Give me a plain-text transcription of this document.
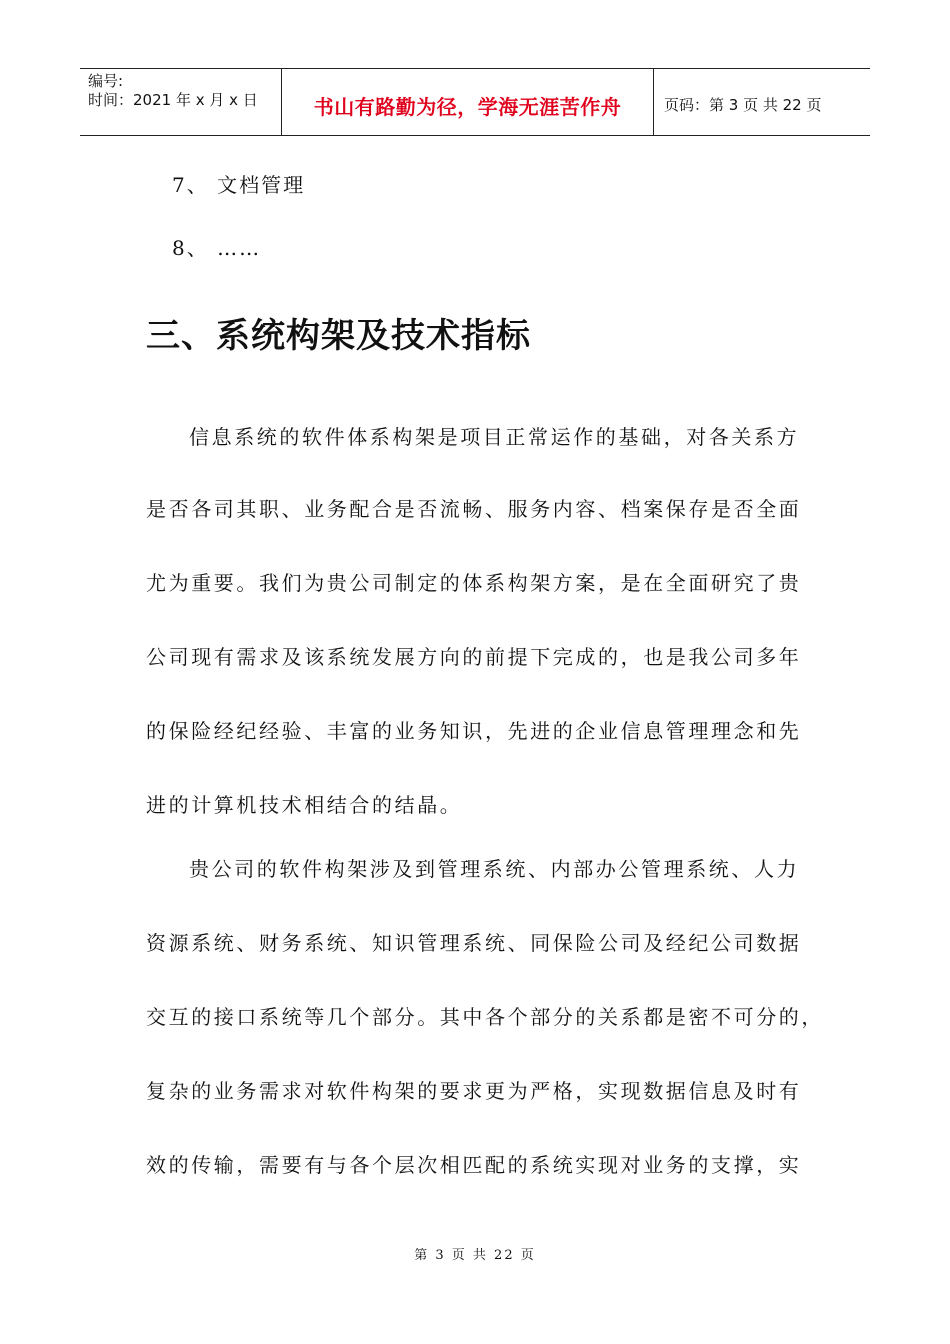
编号:
时间：2021 年 x 月 x 日	书山有路勤为径，学海无涯苦作舟	页码：第 3 页 共 22 页
7、 文档管理
8、 ……
三、系统构架及技术指标
信息系统的软件体系构架是项目正常运作的基础，对各关系方
是否各司其职、业务配合是否流畅、服务内容、档案保存是否全面
尤为重要。我们为贵公司制定的体系构架方案，是在全面研究了贵
公司现有需求及该系统发展方向的前提下完成的，也是我公司多年
的保险经纪经验、丰富的业务知识，先进的企业信息管理理念和先
进的计算机技术相结合的结晶。
贵公司的软件构架涉及到管理系统、内部办公管理系统、人力
资源系统、财务系统、知识管理系统、同保险公司及经纪公司数据
交互的接口系统等几个部分。其中各个部分的关系都是密不可分的，
复杂的业务需求对软件构架的要求更为严格，实现数据信息及时有
效的传输，需要有与各个层次相匹配的系统实现对业务的支撑，实
第 3 页 共 22 页
